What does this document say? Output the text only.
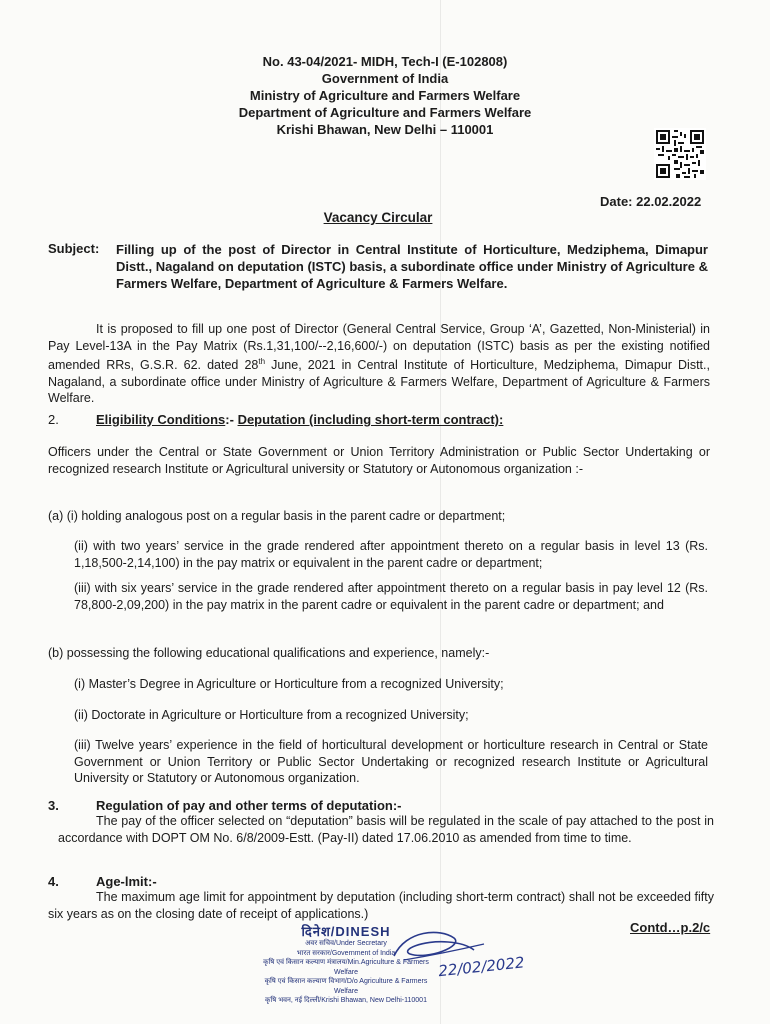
No. 43-04/2021- MIDH, Tech-I (E-102808)
Government of India
Ministry of Agriculture and Farmers Welfare
Department of Agriculture and Farmers Welfare
Krishi Bhawan, New Delhi – 110001
Date: 22.02.2022
Vacancy Circular
Subject: Filling up of the post of Director in Central Institute of Horticulture, Medziphema, Dimapur Distt., Nagaland on deputation (ISTC) basis, a subordinate office under Ministry of Agriculture & Farmers Welfare, Department of Agriculture & Farmers Welfare.
It is proposed to fill up one post of Director (General Central Service, Group ‘A’, Gazetted, Non-Ministerial) in Pay Level-13A in the Pay Matrix (Rs.1,31,100/--2,16,600/-) on deputation (ISTC) basis as per the existing notified amended RRs, G.S.R. 62. dated 28th June, 2021 in Central Institute of Horticulture, Medziphema, Dimapur Distt., Nagaland, a subordinate office under Ministry of Agriculture & Farmers Welfare, Department of Agriculture & Farmers Welfare.
2.	Eligibility Conditions:- Deputation (including short-term contract):
Officers under the Central or State Government or Union Territory Administration or Public Sector Undertaking or recognized research Institute or Agricultural university or Statutory or Autonomous organization :-
(a) (i) holding analogous post on a regular basis in the parent cadre or department;
(ii) with two years’ service in the grade rendered after appointment thereto on a regular basis in level 13 (Rs. 1,18,500-2,14,100) in the pay matrix or equivalent in the parent cadre or department;
(iii) with six years’ service in the grade rendered after appointment thereto on a regular basis in pay level 12 (Rs. 78,800-2,09,200) in the pay matrix in the parent cadre or equivalent in the parent cadre or department; and
(b) possessing the following educational qualifications and experience, namely:-
(i) Master’s Degree in Agriculture or Horticulture from a recognized University;
(ii) Doctorate in Agriculture or Horticulture from a recognized University;
(iii) Twelve years’ experience in the field of horticultural development or horticulture research in Central or State Government or Union Territory or Public Sector Undertaking or recognized research Institute or Agricultural University or Statutory or Autonomous organization.
3.	Regulation of pay and other terms of deputation:-
The pay of the officer selected on “deputation” basis will be regulated in the scale of pay attached to the post in accordance with DOPT OM No. 6/8/2009-Estt. (Pay-II) dated 17.06.2010 as amended from time to time.
4.	Age-lmit:-
The maximum age limit for appointment by deputation (including short-term contract) shall not be exceeded fifty six years as on the closing date of receipt of applications.)
Contd…p.2/c
दिनेश/DINESH
अवर सचिव/Under Secretary
भारत सरकार/Government of India
कृषि एवं किसान कल्याण मंत्रालय/Min.Agriculture & Farmers Welfare
कृषि एवं किसान कल्याण विभाग/D/o Agriculture & Farmers Welfare
कृषि भवन, नई दिल्ली/Krishi Bhawan, New Delhi-110001
22/02/2022
